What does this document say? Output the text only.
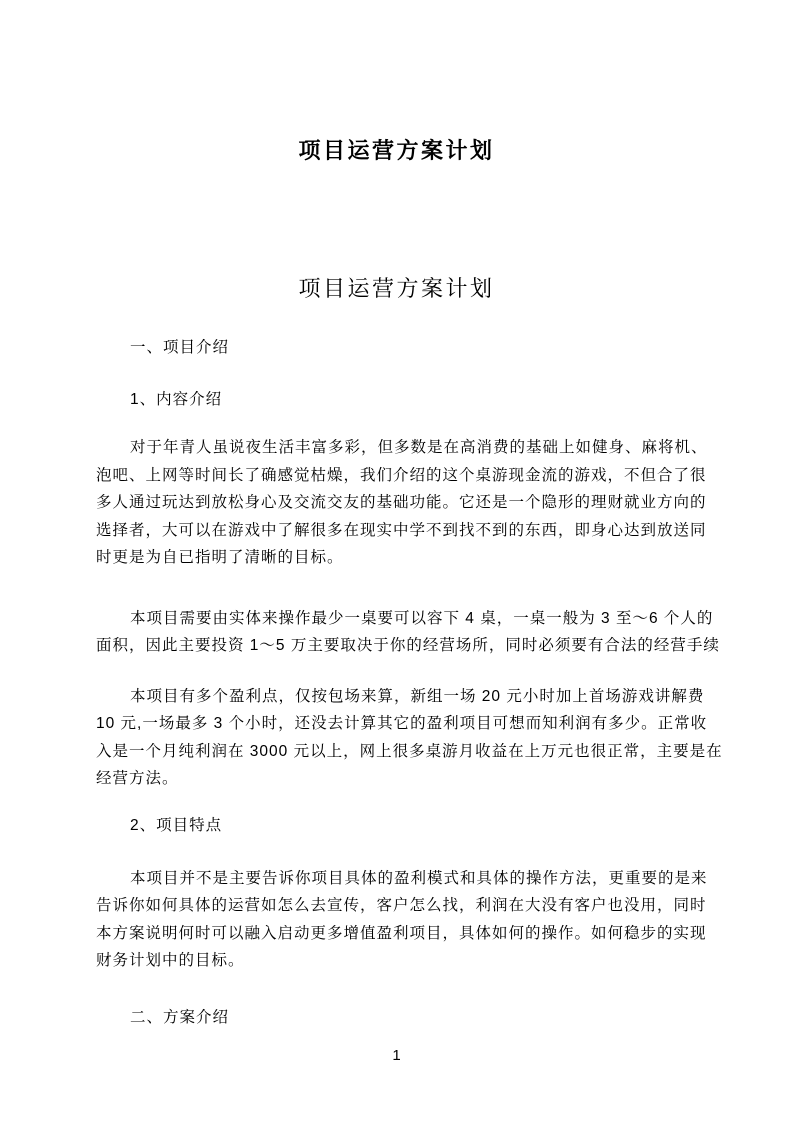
项目运营方案计划
项目运营方案计划
一、项目介绍
1、内容介绍
对于年青人虽说夜生活丰富多彩，但多数是在高消费的基础上如健身、麻将机、
泡吧、上网等时间长了确感觉枯燥，我们介绍的这个桌游现金流的游戏，不但合了很
多人通过玩达到放松身心及交流交友的基础功能。它还是一个隐形的理财就业方向的
选择者，大可以在游戏中了解很多在现实中学不到找不到的东西，即身心达到放送同
时更是为自已指明了清晰的目标。
本项目需要由实体来操作最少一桌要可以容下 4 桌，一桌一般为 3 至～6 个人的
面积，因此主要投资 1～5 万主要取决于你的经营场所，同时必须要有合法的经营手续
本项目有多个盈利点，仅按包场来算，新组一场 20 元小时加上首场游戏讲解费
10 元,一场最多 3 个小时，还没去计算其它的盈利项目可想而知利润有多少。正常收
入是一个月纯利润在 3000 元以上，网上很多桌游月收益在上万元也很正常，主要是在
经营方法。
2、项目特点
本项目并不是主要告诉你项目具体的盈利模式和具体的操作方法，更重要的是来
告诉你如何具体的运营如怎么去宣传，客户怎么找，利润在大没有客户也没用，同时
本方案说明何时可以融入启动更多增值盈利项目，具体如何的操作。如何稳步的实现
财务计划中的目标。
二、方案介绍
1
